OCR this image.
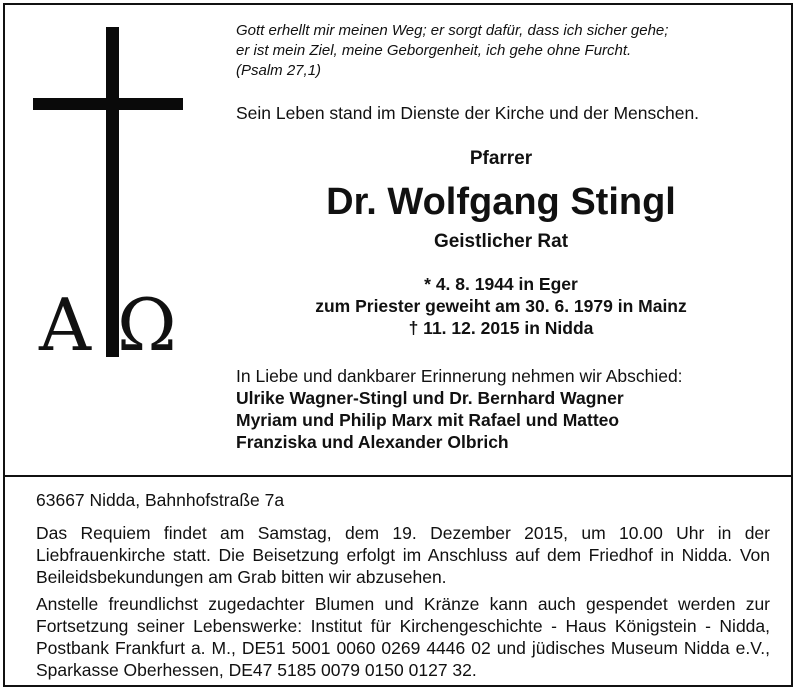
A Ω
Gott erhellt mir meinen Weg; er sorgt dafür, dass ich sicher gehe;
er ist mein Ziel, meine Geborgenheit, ich gehe ohne Furcht.
(Psalm 27,1)
Sein Leben stand im Dienste der Kirche und der Menschen.
Pfarrer
Dr. Wolfgang Stingl
Geistlicher Rat
* 4. 8. 1944 in Eger
zum Priester geweiht am 30. 6. 1979 in Mainz
† 11. 12. 2015 in Nidda
In Liebe und dankbarer Erinnerung nehmen wir Abschied:
Ulrike Wagner-Stingl und Dr. Bernhard Wagner
Myriam und Philip Marx mit Rafael und Matteo
Franziska und Alexander Olbrich
63667 Nidda, Bahnhofstraße 7a
Das Requiem findet am Samstag, dem 19. Dezember 2015, um 10.00 Uhr in der Liebfrauenkirche statt. Die Beisetzung erfolgt im Anschluss auf dem Friedhof in Nidda. Von Beileidsbekundungen am Grab bitten wir abzusehen.
Anstelle freundlichst zugedachter Blumen und Kränze kann auch gespendet werden zur Fortsetzung seiner Lebenswerke: Institut für Kirchengeschichte - Haus Königstein - Nidda, Postbank Frankfurt a. M., DE51 5001 0060 0269 4446 02 und jüdisches Museum Nidda e.V., Sparkasse Oberhessen, DE47 5185 0079 0150 0127 32.
